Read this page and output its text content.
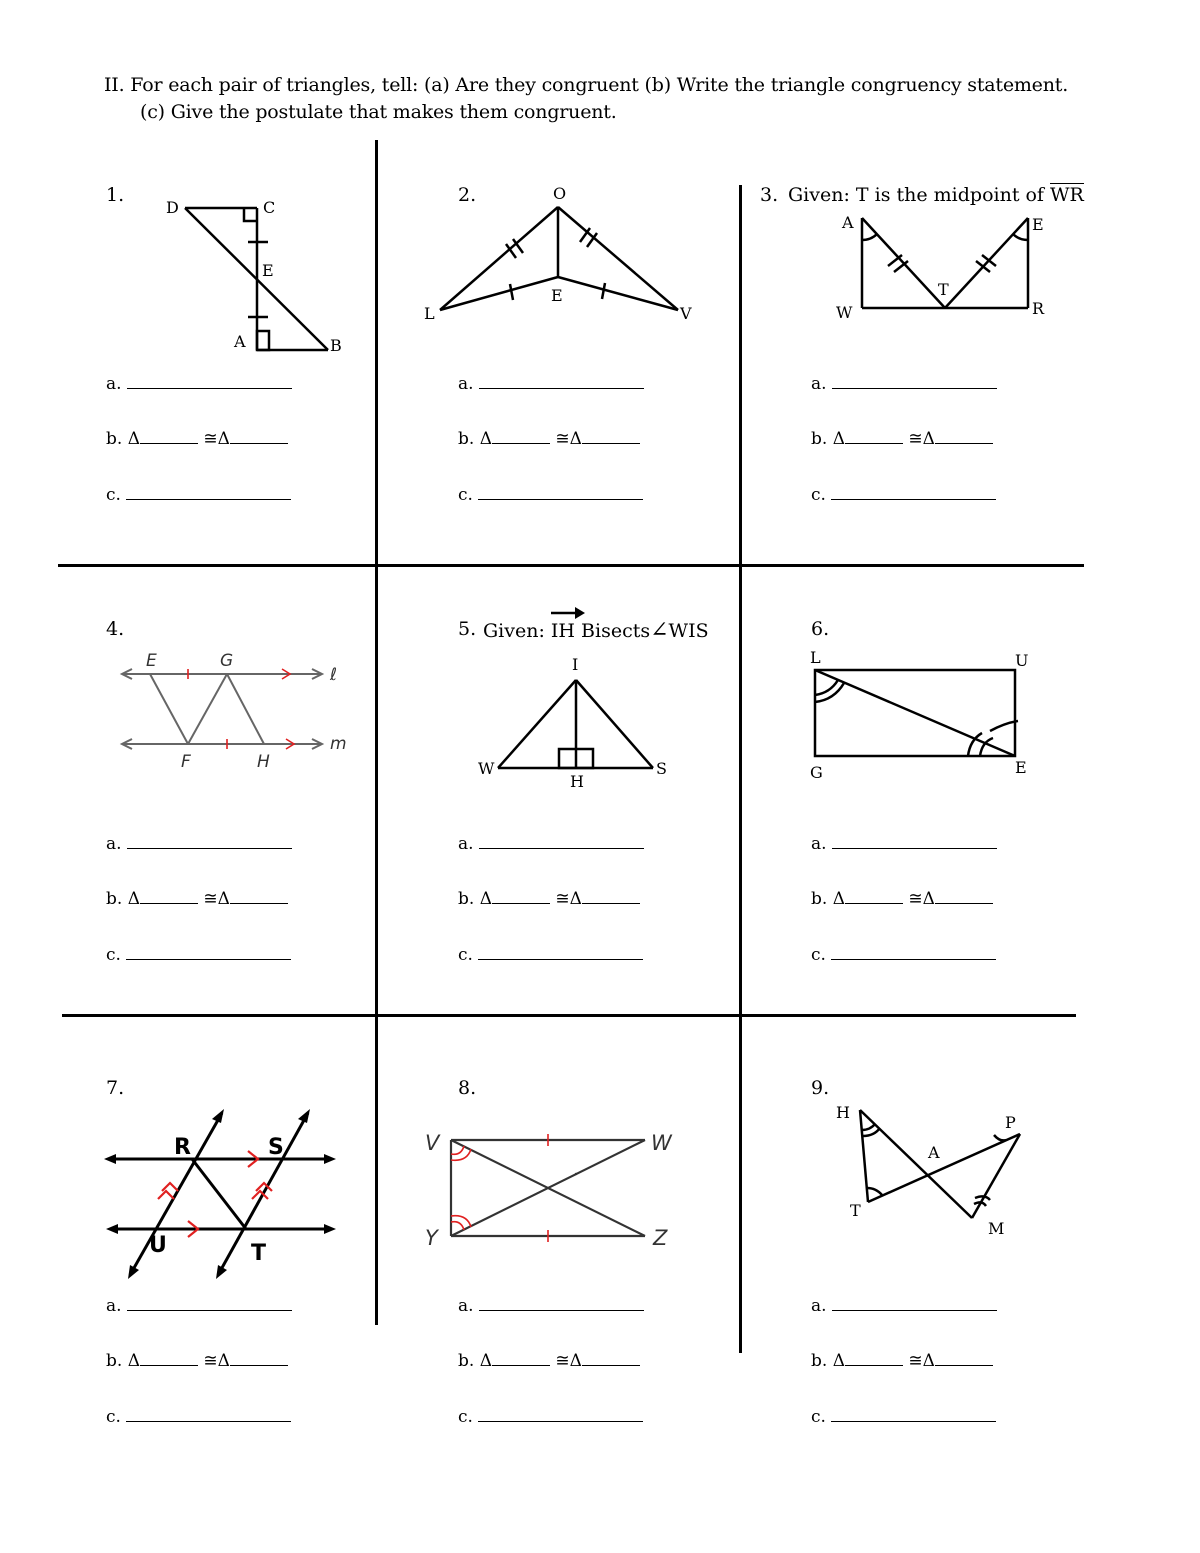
II. For each pair of triangles, tell: (a) Are they congruent (b) Write the triangle congruency statement.
(c) Give the postulate that makes them congruent.
1.
D	C
E
A	B
2.	O
L
E
V
3. Given: T is the midpoint of WR
A	E
T
W	R
a.
b. Δ	≅Δ
c.
a.
b. Δ	≅Δ
c.
a.
b. Δ	≅Δ
c.
4.
E	G
F	H
ℓ
m
5. Given: IH
Bisects∠WIS
I
W
H
S
6.
L	U
G	E
a.
b. Δ	≅Δ
c.
a.
b. Δ	≅Δ
c.
a.
b. Δ	≅Δ
c.
7.
R	S
U	T
8.
V	W
Y	Z
9.
H
P
A
T
M
a.
b. Δ	≅Δ
c.
a.
b. Δ	≅Δ
c.
a.
b. Δ	≅Δ
c.
